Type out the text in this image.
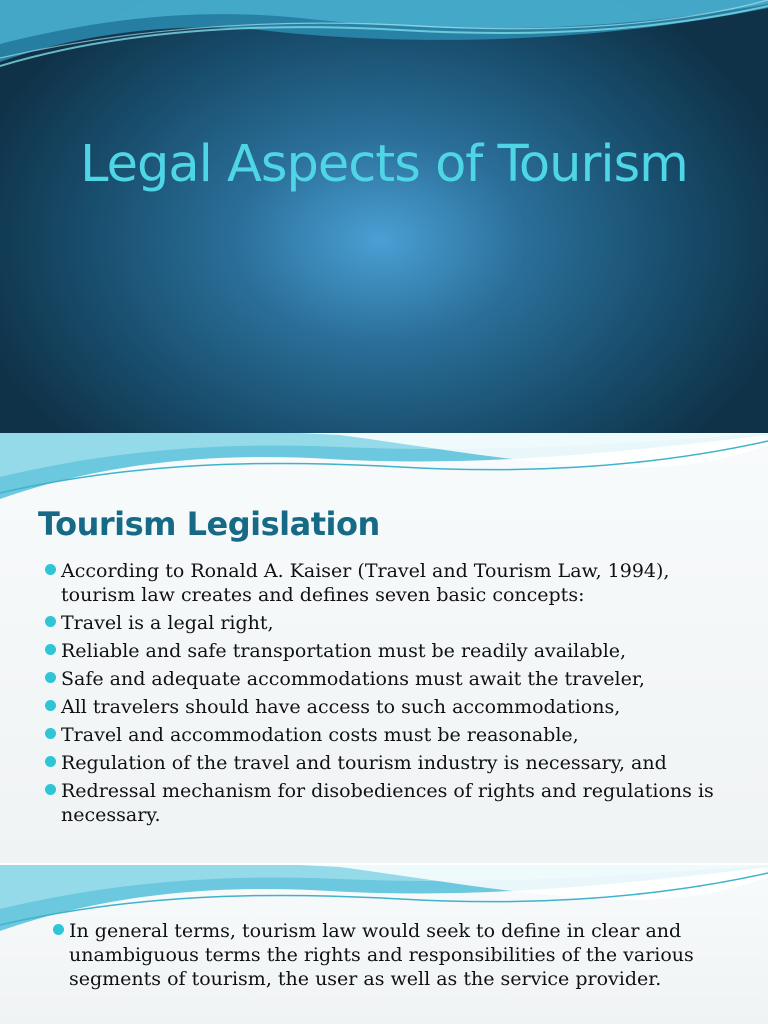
Legal Aspects of Tourism
Tourism Legislation
According to Ronald A. Kaiser (Travel and Tourism Law, 1994), tourism law creates and defines seven basic concepts:
Travel is a legal right,
Reliable and safe transportation must be readily available,
Safe and adequate accommodations must await the traveler,
All travelers should have access to such accommodations,
Travel and accommodation costs must be reasonable,
Regulation of the travel and tourism industry is necessary, and
Redressal mechanism for disobediences of rights and regulations is necessary.
In general terms, tourism law would seek to define in clear and unambiguous terms the rights and responsibilities of the various segments of tourism, the user as well as the service provider.
